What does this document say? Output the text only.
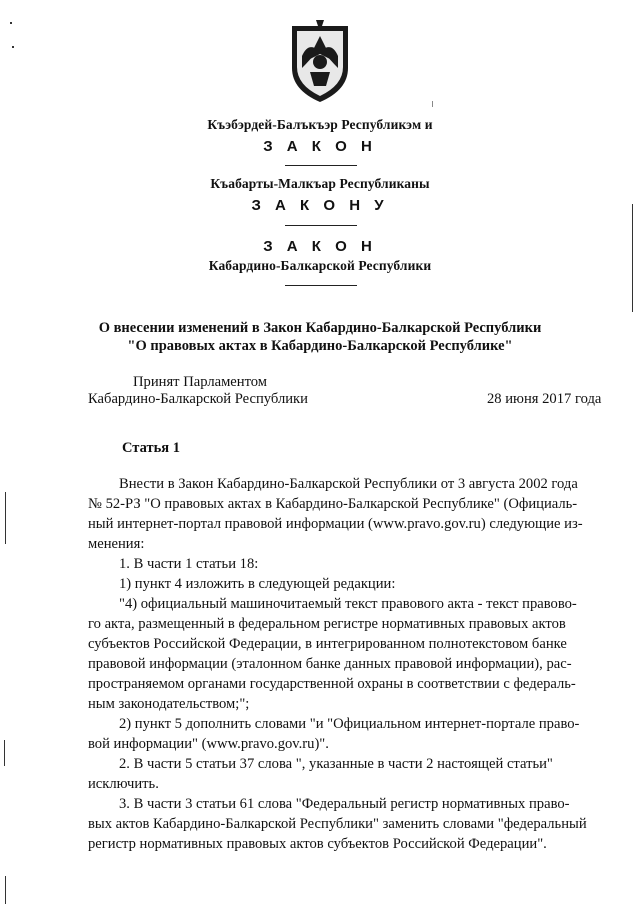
Къэбэрдей-Балъкъэр Республикэм и
З А К О Н
Къабарты-Малкъар Республиканы
З А К О Н У
З А К О Н
Кабардино-Балкарской Республики
О внесении изменений в Закон Кабардино-Балкарской Республики
"О правовых актах в Кабардино-Балкарской Республике"
Принят Парламентом
Кабардино-Балкарской Республики	28 июня 2017 года
Статья 1
Внести в Закон Кабардино-Балкарской Республики от 3 августа 2002 года
№ 52-РЗ "О правовых актах в Кабардино-Балкарской Республике" (Официаль-
ный интернет-портал правовой информации (www.pravo.gov.ru) следующие из-
менения:
1. В части 1 статьи 18:
1) пункт 4 изложить в следующей редакции:
"4) официальный машиночитаемый текст правового акта - текст правово-
го акта, размещенный в федеральном регистре нормативных правовых актов
субъектов Российской Федерации, в интегрированном полнотекстовом банке
правовой информации (эталонном банке данных правовой информации), рас-
пространяемом органами государственной охраны в соответствии с федераль-
ным законодательством;";
2) пункт 5 дополнить словами "и "Официальном интернет-портале право-
вой информации" (www.pravo.gov.ru)".
2. В части 5 статьи 37 слова ", указанные в части 2 настоящей статьи"
исключить.
3. В части 3 статьи 61 слова "Федеральный регистр нормативных право-
вых актов Кабардино-Балкарской Республики" заменить словами "федеральный
регистр нормативных правовых актов субъектов Российской Федерации".
